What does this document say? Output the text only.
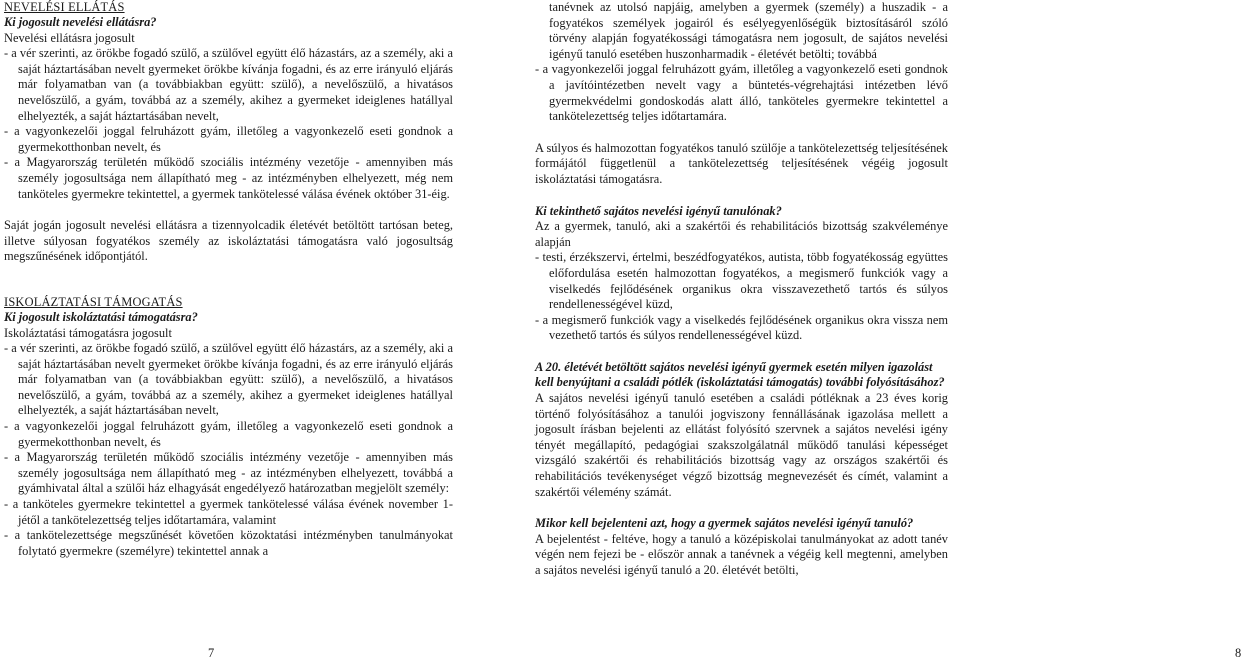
NEVELÉSI ELLÁTÁS

Ki jogosult nevelési ellátásra?

Nevelési ellátásra jogosult

- a vér szerinti, az örökbe fogadó szülő, a szülővel együtt élő házastárs, az a személy, aki a saját háztartásában nevelt gyermeket örökbe kívánja fogadni, és az erre irányuló eljárás már folyamatban van (a továbbiakban együtt: szülő), a nevelőszülő, a hivatásos nevelőszülő, a gyám, továbbá az a személy, akihez a gyermeket ideiglenes hatállyal elhelyezték, a saját háztartásában nevelt,

- a vagyonkezelői joggal felruházott gyám, illetőleg a vagyonkezelő eseti gondnok a gyermekotthonban nevelt, és

- a Magyarország területén működő szociális intézmény vezetője - amennyiben más személy jogosultsága nem állapítható meg - az intézményben elhelyezett, még nem tanköteles gyermekre tekintettel, a gyermek tankötelessé válása évének október 31-éig.

Saját jogán jogosult nevelési ellátásra a tizennyolcadik életévét betöltött tartósan beteg, illetve súlyosan fogyatékos személy az iskoláztatási támogatásra való jogosultság megszűnésének időpontjától.

ISKOLÁZTATÁSI TÁMOGATÁS

Ki jogosult iskoláztatási támogatásra?

Iskoláztatási támogatásra jogosult

- a vér szerinti, az örökbe fogadó szülő, a szülővel együtt élő házastárs, az a személy, aki a saját háztartásában nevelt gyermeket örökbe kívánja fogadni, és az erre irányuló eljárás már folyamatban van (a továbbiakban együtt: szülő), a nevelőszülő, a hivatásos nevelőszülő, a gyám, továbbá az a személy, akihez a gyermeket ideiglenes hatállyal elhelyezték, a saját háztartásában nevelt,

- a vagyonkezelői joggal felruházott gyám, illetőleg a vagyonkezelő eseti gondnok a gyermekotthonban nevelt, és

- a Magyarország területén működő szociális intézmény vezetője - amennyiben más személy jogosultsága nem állapítható meg - az intézményben elhelyezett, továbbá a gyámhivatal által a szülői ház elhagyását engedélyező határozatban megjelölt személy:

- a tanköteles gyermekre tekintettel a gyermek tankötelessé válása évének november 1-jétől a tankötelezettség teljes időtartamára, valamint

- a tankötelezettsége megszűnését követően közoktatási intézményben tanulmányokat folytató gyermekre (személyre) tekintettel annak a

7

tanévnek az utolsó napjáig, amelyben a gyermek (személy) a huszadik - a fogyatékos személyek jogairól és esélyegyenlőségük biztosításáról szóló törvény alapján fogyatékossági támogatásra nem jogosult, de sajátos nevelési igényű tanuló esetében huszonharmadik - életévét betölti; továbbá

- a vagyonkezelői joggal felruházott gyám, illetőleg a vagyonkezelő eseti gondnok a javítóintézetben nevelt vagy a büntetés-végrehajtási intézetben lévő gyermekvédelmi gondoskodás alatt álló, tanköteles gyermekre tekintettel a tankötelezettség teljes időtartamára.

A súlyos és halmozottan fogyatékos tanuló szülője a tankötelezettség teljesítésének formájától függetlenül a tankötelezettség teljesítésének végéig jogosult iskoláztatási támogatásra.

Ki tekinthető sajátos nevelési igényű tanulónak?

Az a gyermek, tanuló, aki a szakértői és rehabilitációs bizottság szakvéleménye alapján

- testi, érzékszervi, értelmi, beszédfogyatékos, autista, több fogyatékosság együttes előfordulása esetén halmozottan fogyatékos, a megismerő funkciók vagy a viselkedés fejlődésének organikus okra visszavezethető tartós és súlyos rendellenességével küzd,

- a megismerő funkciók vagy a viselkedés fejlődésének organikus okra vissza nem vezethető tartós és súlyos rendellenességével küzd.

A 20. életévét betöltött sajátos nevelési igényű gyermek esetén milyen igazolást kell benyújtani a családi pótlék (iskoláztatási támogatás) további folyósításához?

A sajátos nevelési igényű tanuló esetében a családi pótléknak a 23 éves korig történő folyósításához a tanulói jogviszony fennállásának igazolása mellett a jogosult írásban bejelenti az ellátást folyósító szervnek a sajátos nevelési igény tényét megállapító, pedagógiai szakszolgálatnál működő tanulási képességet vizsgáló szakértői és rehabilitációs bizottság vagy az országos szakértői és rehabilitációs tevékenységet végző bizottság megnevezését és címét, valamint a szakértői vélemény számát.

Mikor kell bejelenteni azt, hogy a gyermek sajátos nevelési igényű tanuló?

A bejelentést - feltéve, hogy a tanuló a középiskolai tanulmányokat az adott tanév végén nem fejezi be - először annak a tanévnek a végéig kell megtenni, amelyben a sajátos nevelési igényű tanuló a 20. életévét betölti,

8
